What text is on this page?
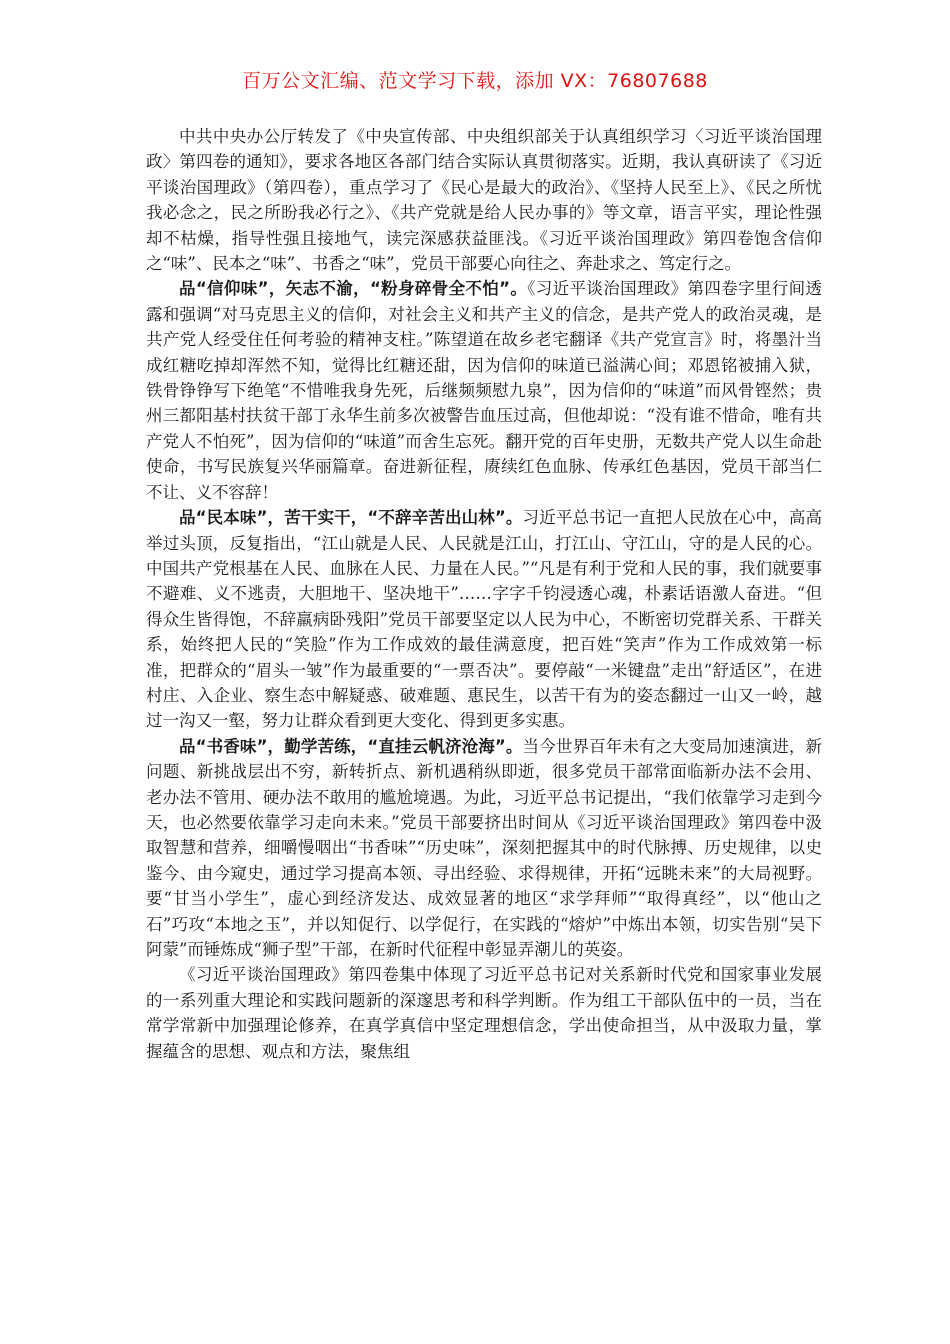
百万公文汇编、范文学习下载，添加 VX：76807688

中共中央办公厅转发了《中央宣传部、中央组织部关于认真组织学习〈习近平谈治国理政〉第四卷的通知》，要求各地区各部门结合实际认真贯彻落实。近期，我认真研读了《习近平谈治国理政》（第四卷），重点学习了《民心是最大的政治》、《坚持人民至上》、《民之所忧我必念之，民之所盼我必行之》、《共产党就是给人民办事的》等文章，语言平实，理论性强却不枯燥，指导性强且接地气，读完深感获益匪浅。《习近平谈治国理政》第四卷饱含信仰之“味”、民本之“味”、书香之“味”，党员干部要心向往之、奔赴求之、笃定行之。

品“信仰味”，矢志不渝，“粉身碎骨全不怕”。《习近平谈治国理政》第四卷字里行间透露和强调“对马克思主义的信仰，对社会主义和共产主义的信念，是共产党人的政治灵魂，是共产党人经受住任何考验的精神支柱。”陈望道在故乡老宅翻译《共产党宣言》时，将墨汁当成红糖吃掉却浑然不知，觉得比红糖还甜，因为信仰的味道已溢满心间；邓恩铭被捕入狱，铁骨铮铮写下绝笔“不惜唯我身先死，后继频频慰九泉”，因为信仰的“味道”而风骨铿然；贵州三都阳基村扶贫干部丁永华生前多次被警告血压过高，但他却说：“没有谁不惜命，唯有共产党人不怕死”，因为信仰的“味道”而舍生忘死。翻开党的百年史册，无数共产党人以生命赴使命，书写民族复兴华丽篇章。奋进新征程，赓续红色血脉、传承红色基因，党员干部当仁不让、义不容辞！

品“民本味”，苦干实干，“不辞辛苦出山林”。习近平总书记一直把人民放在心中，高高举过头顶，反复指出，“江山就是人民、人民就是江山，打江山、守江山，守的是人民的心。中国共产党根基在人民、血脉在人民、力量在人民。”“凡是有利于党和人民的事，我们就要事不避难、义不逃责，大胆地干、坚决地干”……字字千钧浸透心魂，朴素话语激人奋进。“但得众生皆得饱，不辞羸病卧残阳”党员干部要坚定以人民为中心，不断密切党群关系、干群关系，始终把人民的“笑脸”作为工作成效的最佳满意度，把百姓“笑声”作为工作成效第一标准，把群众的“眉头一皱”作为最重要的“一票否决”。要停敲“一米键盘”走出“舒适区”，在进村庄、入企业、察生态中解疑惑、破难题、惠民生，以苦干有为的姿态翻过一山又一岭，越过一沟又一壑，努力让群众看到更大变化、得到更多实惠。

品“书香味”，勤学苦练，“直挂云帆济沧海”。当今世界百年未有之大变局加速演进，新问题、新挑战层出不穷，新转折点、新机遇稍纵即逝，很多党员干部常面临新办法不会用、老办法不管用、硬办法不敢用的尴尬境遇。为此，习近平总书记提出，“我们依靠学习走到今天，也必然要依靠学习走向未来。”党员干部要挤出时间从《习近平谈治国理政》第四卷中汲取智慧和营养，细嚼慢咽出“书香味”“历史味”，深刻把握其中的时代脉搏、历史规律，以史鉴今、由今窥史，通过学习提高本领、寻出经验、求得规律，开拓“远眺未来”的大局视野。要“甘当小学生”，虚心到经济发达、成效显著的地区“求学拜师”“取得真经”，以“他山之石”巧攻“本地之玉”，并以知促行、以学促行，在实践的“熔炉”中炼出本领，切实告别“吴下阿蒙”而锤炼成“狮子型”干部，在新时代征程中彰显弄潮儿的英姿。

《习近平谈治国理政》第四卷集中体现了习近平总书记对关系新时代党和国家事业发展的一系列重大理论和实践问题新的深邃思考和科学判断。作为组工干部队伍中的一员，当在常学常新中加强理论修养，在真学真信中坚定理想信念，学出使命担当，从中汲取力量，掌握蕴含的思想、观点和方法，聚焦组
